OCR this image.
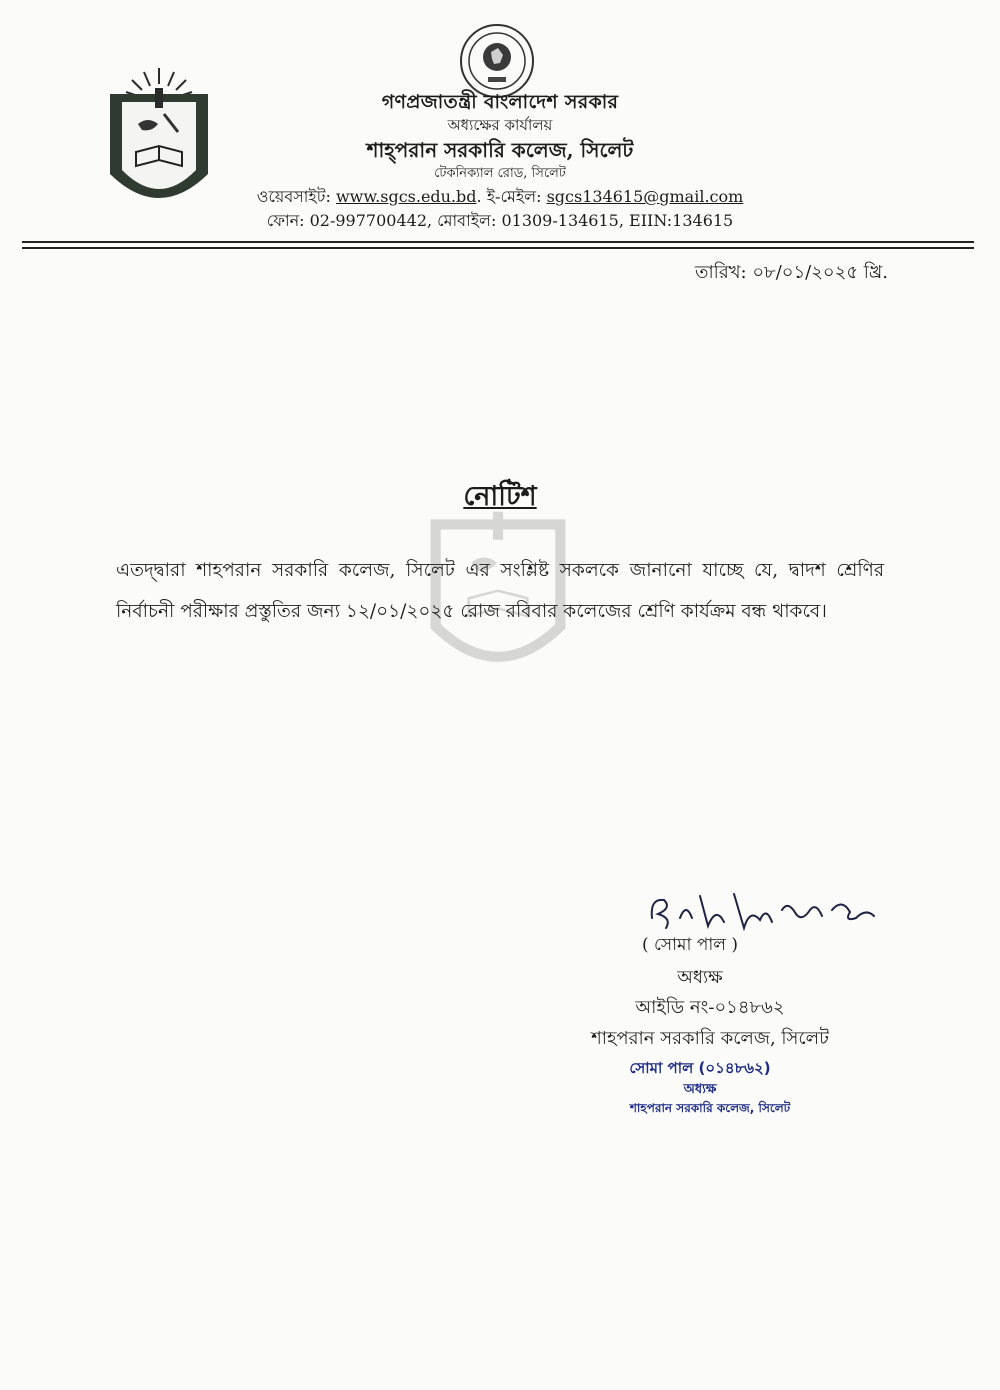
গণপ্রজাতন্ত্রী বাংলাদেশ সরকার
অধ্যক্ষের কার্যালয়
শাহ্‌পরান সরকারি কলেজ, সিলেট
টেকনিক্যাল রোড, সিলেট
ওয়েবসাইট: www.sgcs.edu.bd. ই-মেইল: sgcs134615@gmail.com
ফোন: 02-997700442, মোবাইল: 01309-134615, EIIN:134615
তারিখ: ০৮/০১/২০২৫ খ্রি.
নোটিশ
এতদ্দ্বারা শাহপরান সরকারি কলেজ, সিলেট এর সংশ্লিষ্ট সকলকে জানানো যাচ্ছে যে, দ্বাদশ শ্রেণির নির্বাচনী পরীক্ষার প্রস্তুতির জন্য ১২/০১/২০২৫ রোজ রবিবার কলেজের শ্রেণি কার্যক্রম বন্ধ থাকবে।
( সোমা পাল )
অধ্যক্ষ
আইডি নং-০১৪৮৬২
শাহপরান সরকারি কলেজ, সিলেট
সোমা পাল (০১৪৮৬২)
অধ্যক্ষ
শাহপরান সরকারি কলেজ, সিলেট
